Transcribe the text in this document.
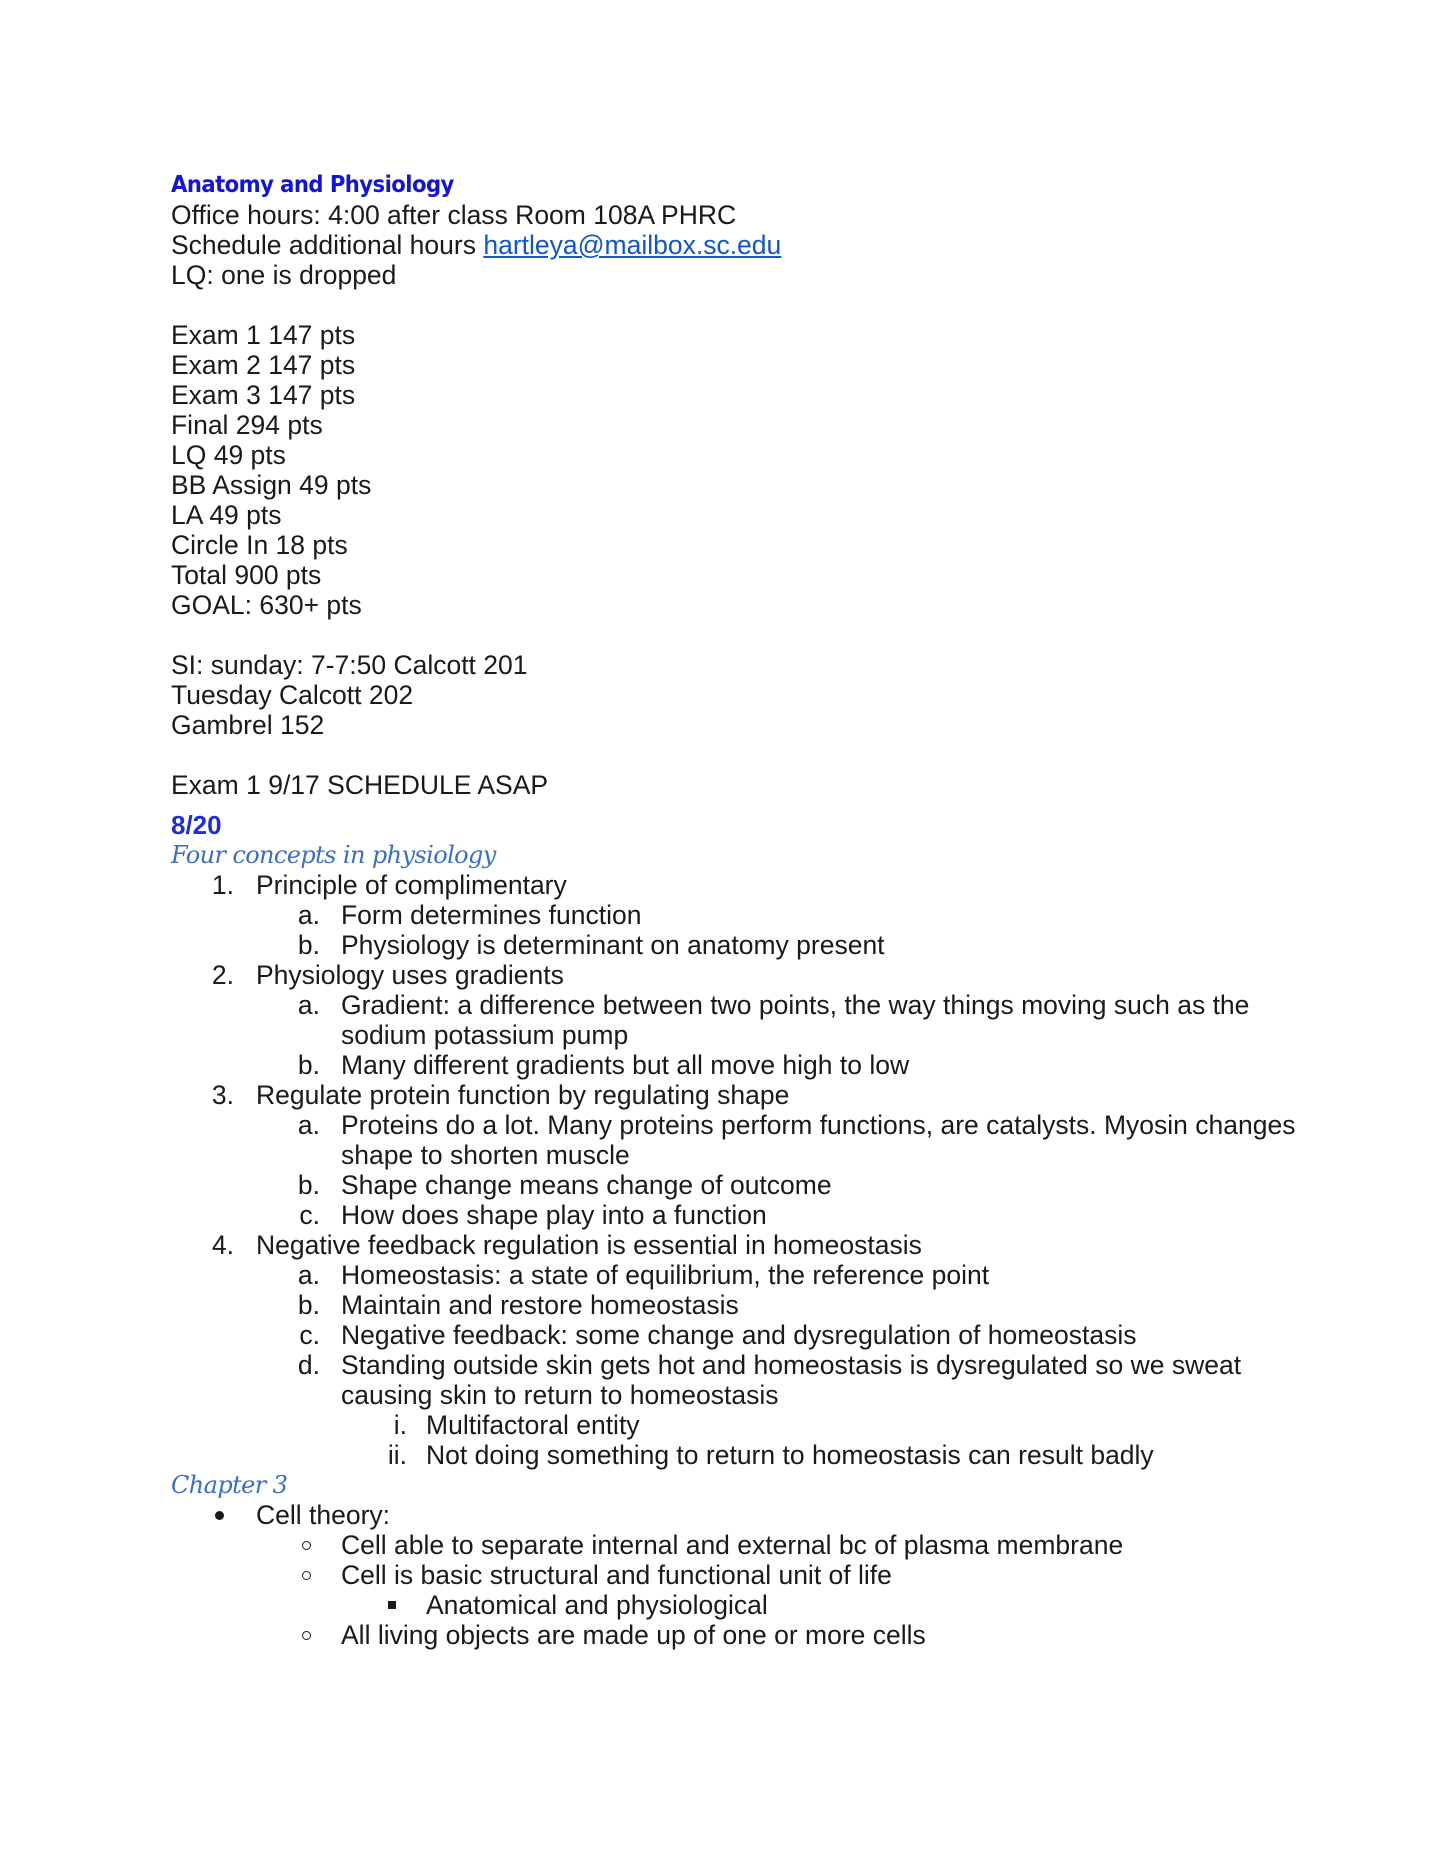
Anatomy and Physiology

Office hours: 4:00 after class Room 108A PHRC

Schedule additional hours hartleya@mailbox.sc.edu

LQ: one is dropped

Exam 1 147 pts

Exam 2 147 pts

Exam 3 147 pts

Final 294 pts

LQ 49 pts

BB Assign 49 pts

LA 49 pts

Circle In 18 pts

Total 900 pts

GOAL: 630+ pts

SI: sunday: 7-7:50 Calcott 201

Tuesday Calcott 202

Gambrel 152

Exam 1 9/17 SCHEDULE ASAP

8/20
Four concepts in physiology
1. Principle of complimentary
a. Form determines function
b. Physiology is determinant on anatomy present
2. Physiology uses gradients
a. Gradient: a difference between two points, the way things moving such as the
sodium potassium pump
b. Many different gradients but all move high to low
3. Regulate protein function by regulating shape
a. Proteins do a lot. Many proteins perform functions, are catalysts. Myosin changes
shape to shorten muscle
b. Shape change means change of outcome
c. How does shape play into a function
4. Negative feedback regulation is essential in homeostasis
a. Homeostasis: a state of equilibrium, the reference point
b. Maintain and restore homeostasis
c. Negative feedback: some change and dysregulation of homeostasis
d. Standing outside skin gets hot and homeostasis is dysregulated so we sweat
causing skin to return to homeostasis
i. Multifactoral entity
ii. Not doing something to return to homeostasis can result badly
Chapter 3
Cell theory:
Cell able to separate internal and external bc of plasma membrane
Cell is basic structural and functional unit of life
Anatomical and physiological
All living objects are made up of one or more cells
